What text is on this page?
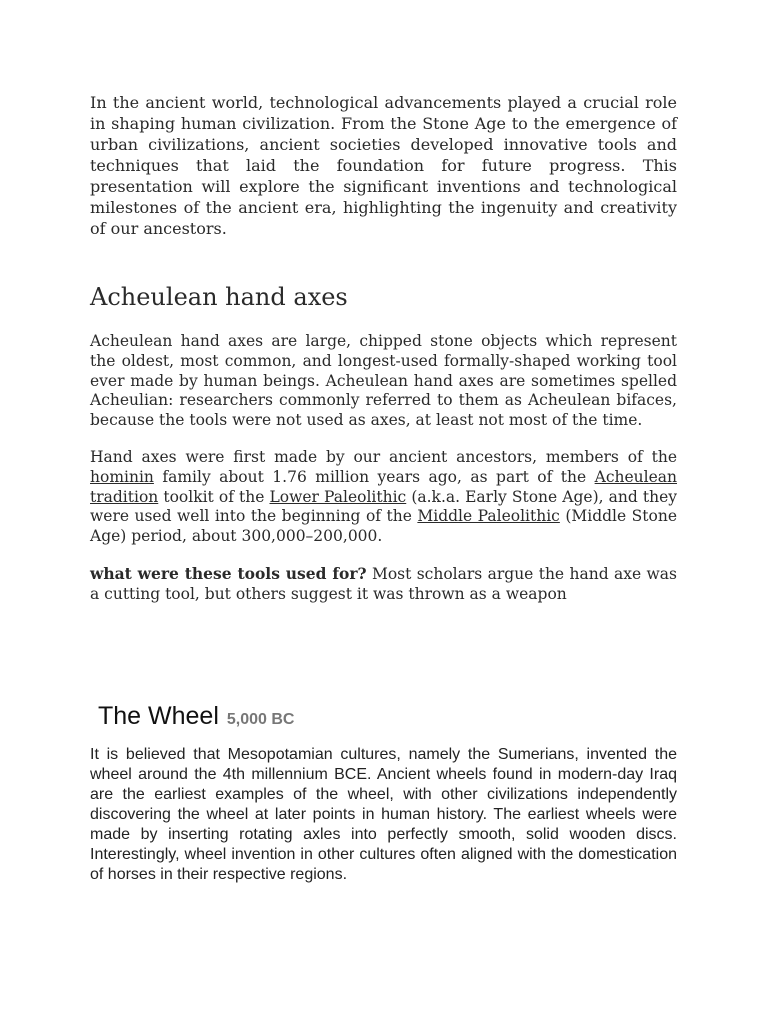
In the ancient world, technological advancements played a crucial role in shaping human civilization. From the Stone Age to the emergence of urban civilizations, ancient societies developed innovative tools and techniques that laid the foundation for future progress. This presentation will explore the significant inventions and technological milestones of the ancient era, highlighting the ingenuity and creativity of our ancestors.

Acheulean hand axes

Acheulean hand axes are large, chipped stone objects which represent the oldest, most common, and longest-used formally-shaped working tool ever made by human beings. Acheulean hand axes are sometimes spelled Acheulian: researchers commonly referred to them as Acheulean bifaces, because the tools were not used as axes, at least not most of the time.

Hand axes were first made by our ancient ancestors, members of the hominin family about 1.76 million years ago, as part of the Acheulean tradition toolkit of the Lower Paleolithic (a.k.a. Early Stone Age), and they were used well into the beginning of the Middle Paleolithic (Middle Stone Age) period, about 300,000–200,000.

what were these tools used for? Most scholars argue the hand axe was a cutting tool, but others suggest it was thrown as a weapon

The Wheel 5,000 BC

It is believed that Mesopotamian cultures, namely the Sumerians, invented the wheel around the 4th millennium BCE. Ancient wheels found in modern-day Iraq are the earliest examples of the wheel, with other civilizations independently discovering the wheel at later points in human history. The earliest wheels were made by inserting rotating axles into perfectly smooth, solid wooden discs. Interestingly, wheel invention in other cultures often aligned with the domestication of horses in their respective regions.
